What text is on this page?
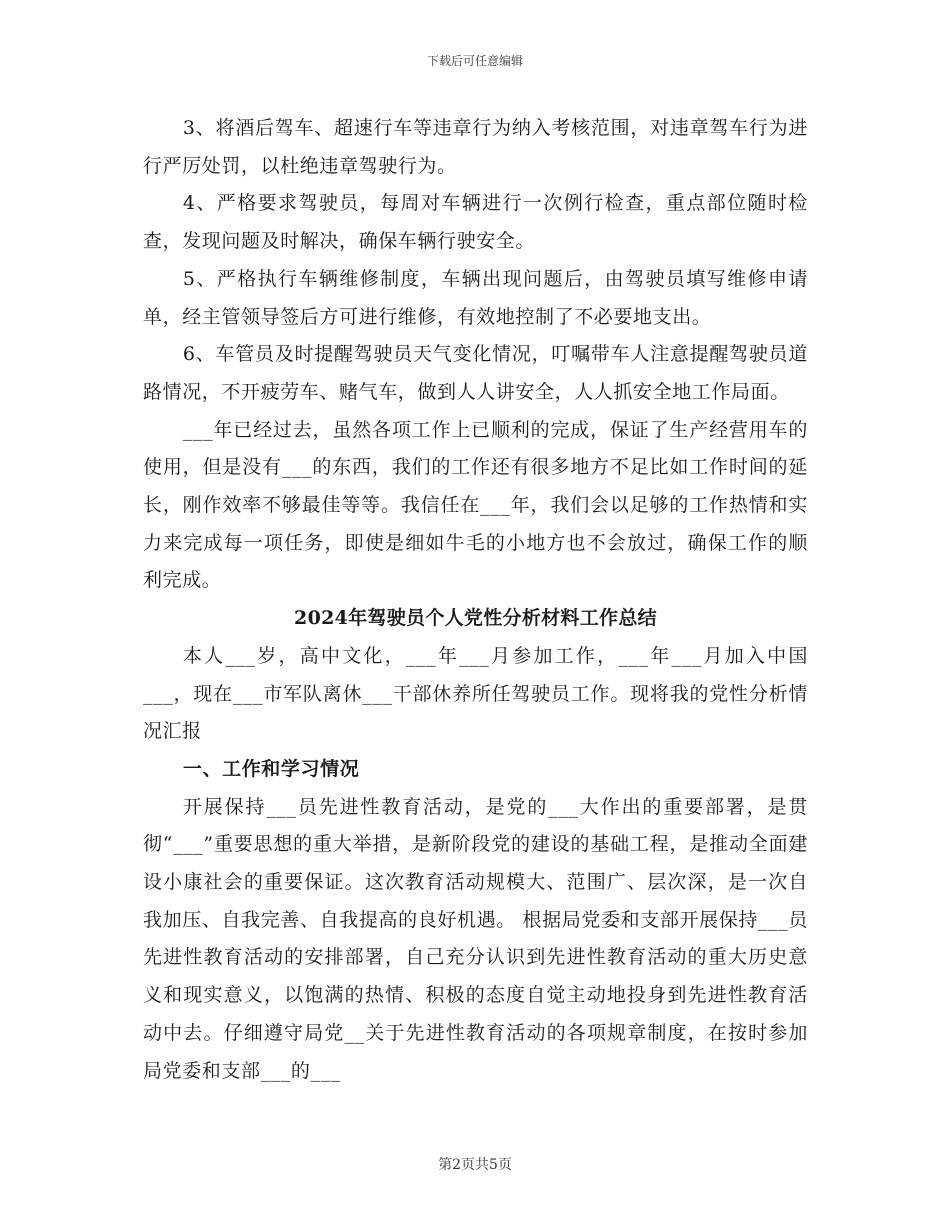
下载后可任意编辑

3、将酒后驾车、超速行车等违章行为纳入考核范围，对违章驾车行为进行严厉处罚，以杜绝违章驾驶行为。

4、严格要求驾驶员，每周对车辆进行一次例行检查，重点部位随时检查，发现问题及时解决，确保车辆行驶安全。

5、严格执行车辆维修制度，车辆出现问题后，由驾驶员填写维修申请单，经主管领导签后方可进行维修，有效地控制了不必要地支出。

6、车管员及时提醒驾驶员天气变化情况，叮嘱带车人注意提醒驾驶员道路情况，不开疲劳车、赌气车，做到人人讲安全，人人抓安全地工作局面。

___年已经过去，虽然各项工作上已顺利的完成，保证了生产经营用车的使用，但是没有___的东西，我们的工作还有很多地方不足比如工作时间的延长，刚作效率不够最佳等等。我信任在___年，我们会以足够的工作热情和实力来完成每一项任务，即使是细如牛毛的小地方也不会放过，确保工作的顺利完成。

2024年驾驶员个人党性分析材料工作总结

本人___岁，高中文化，___年___月参加工作，___年___月加入中国___，现在___市军队离休___干部休养所任驾驶员工作。现将我的党性分析情况汇报

一、工作和学习情况

开展保持___员先进性教育活动，是党的___大作出的重要部署，是贯彻“___”重要思想的重大举措，是新阶段党的建设的基础工程，是推动全面建设小康社会的重要保证。这次教育活动规模大、范围广、层次深，是一次自我加压、自我完善、自我提高的良好机遇。 根据局党委和支部开展保持___员先进性教育活动的安排部署，自己充分认识到先进性教育活动的重大历史意义和现实意义，以饱满的热情、积极的态度自觉主动地投身到先进性教育活动中去。仔细遵守局党__关于先进性教育活动的各项规章制度，在按时参加局党委和支部___的___

第2页共5页
